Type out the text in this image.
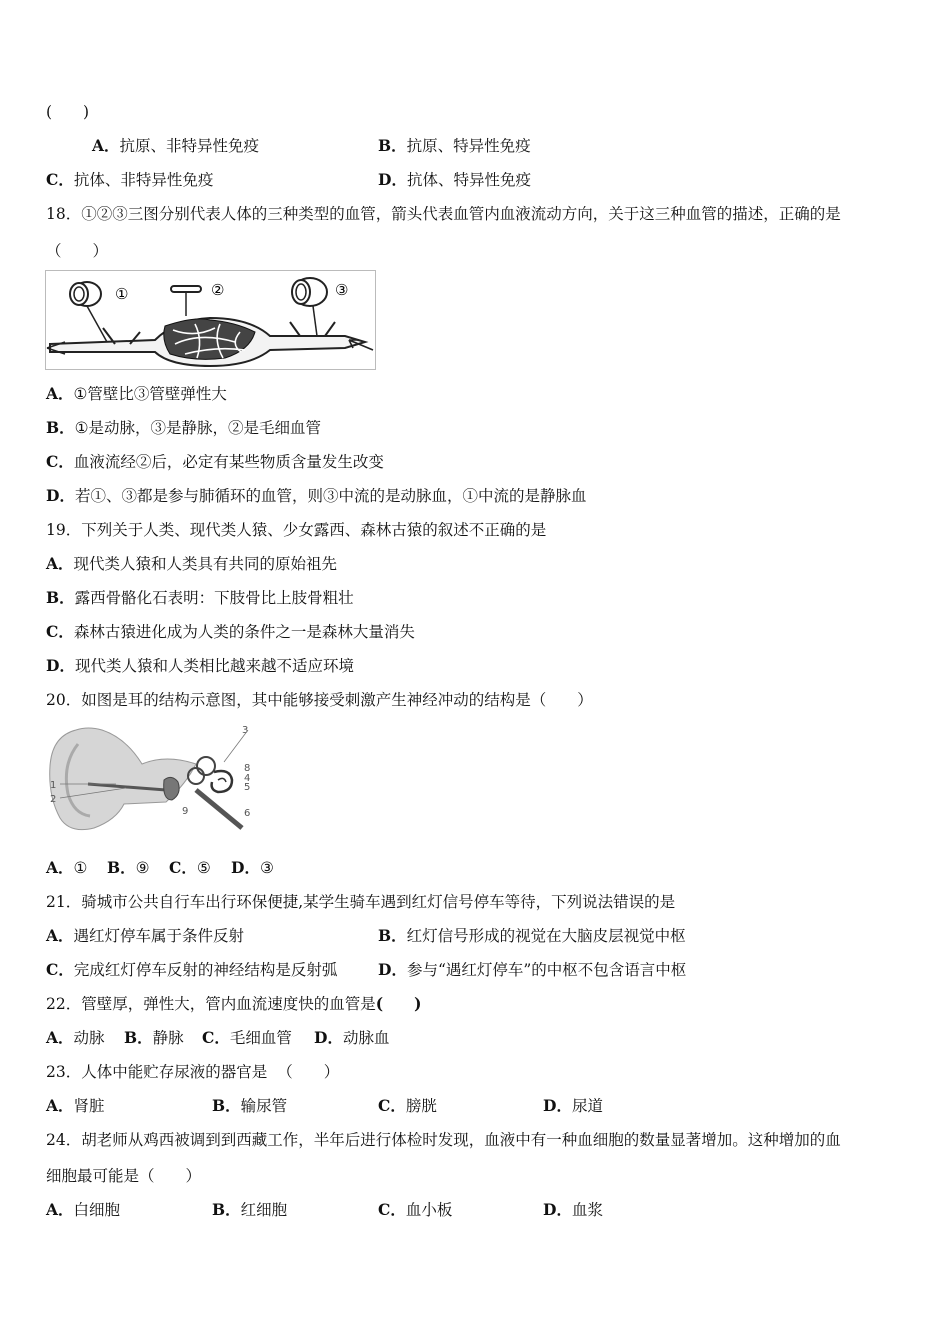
(　　)
A．抗原、非特异性免疫	B．抗原、特异性免疫
C．抗体、非特异性免疫	D．抗体、特异性免疫
18．①②③三图分别代表人体的三种类型的血管，箭头代表血管内血液流动方向，关于这三种血管的描述，正确的是
（　　）
①	②	③
A．①管壁比③管壁弹性大
B．①是动脉，③是静脉，②是毛细血管
C．血液流经②后，必定有某些物质含量发生改变
D．若①、③都是参与肺循环的血管，则③中流的是动脉血，①中流的是静脉血
19．下列关于人类、现代类人猿、少女露西、森林古猿的叙述不正确的是
A．现代类人猿和人类具有共同的原始祖先
B．露西骨骼化石表明：下肢骨比上肢骨粗壮
C．森林古猿进化成为人类的条件之一是森林大量消失
D．现代类人猿和人类相比越来越不适应环境
20．如图是耳的结构示意图，其中能够接受刺激产生神经冲动的结构是（　　）
3
8
4
5
6
1
2
9
A．① B．⑨ C．⑤ D．③
21．骑城市公共自行车出行环保便捷,某学生骑车遇到红灯信号停车等待，下列说法错误的是
A．遇红灯停车属于条件反射	B．红灯信号形成的视觉在大脑皮层视觉中枢
C．完成红灯停车反射的神经结构是反射弧	D．参与“遇红灯停车”的中枢不包含语言中枢
22．管壁厚，弹性大，管内血流速度快的血管是(　　)
A．动脉 B．静脉 C．毛细血管 D．动脉血
23．人体中能贮存尿液的器官是 （　　）
A．肾脏	B．输尿管	C．膀胱	D．尿道
24．胡老师从鸡西被调到到西藏工作，半年后进行体检时发现，血液中有一种血细胞的数量显著增加。这种增加的血
细胞最可能是（　　）
A．白细胞	B．红细胞	C．血小板	D．血浆
